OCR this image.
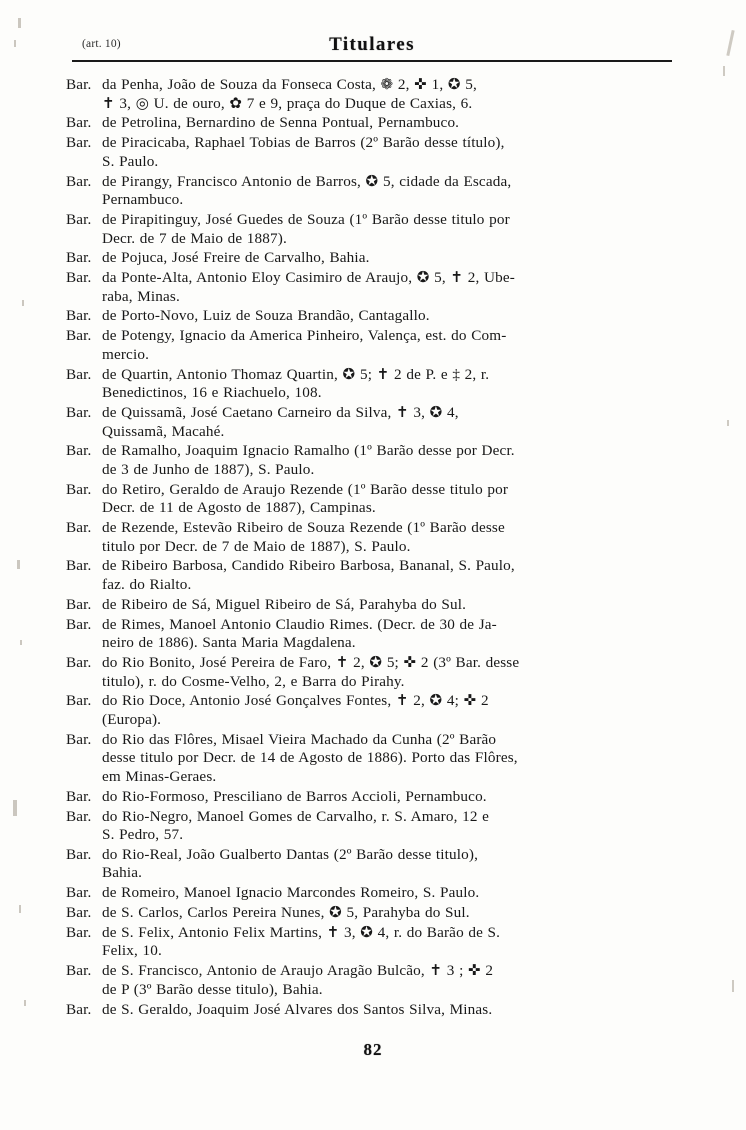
(art. 10)	Titulares

Bar. da Penha, João de Souza da Fonseca Costa, ❁ 2, ✜ 1, ✪ 5,
✝ 3, ◎ U. de ouro, ✿ 7 e 9, praça do Duque de Caxias, 6.

Bar. de Petrolina, Bernardino de Senna Pontual, Pernambuco.

Bar. de Piracicaba, Raphael Tobias de Barros (2º Barão desse título),
S. Paulo.

Bar. de Pirangy, Francisco Antonio de Barros, ✪ 5, cidade da Escada,
Pernambuco.

Bar. de Pirapitinguy, José Guedes de Souza (1º Barão desse titulo por
Decr. de 7 de Maio de 1887).

Bar. de Pojuca, José Freire de Carvalho, Bahia.

Bar. da Ponte-Alta, Antonio Eloy Casimiro de Araujo, ✪ 5, ✝ 2, Ube-
raba, Minas.

Bar. de Porto-Novo, Luiz de Souza Brandão, Cantagallo.

Bar. de Potengy, Ignacio da America Pinheiro, Valença, est. do Com-
mercio.

Bar. de Quartin, Antonio Thomaz Quartin, ✪ 5; ✝ 2 de P. e ‡ 2, r.
Benedictinos, 16 e Riachuelo, 108.

Bar. de Quissamã, José Caetano Carneiro da Silva, ✝ 3, ✪ 4,
Quissamã, Macahé.

Bar. de Ramalho, Joaquim Ignacio Ramalho (1º Barão desse por Decr.
de 3 de Junho de 1887), S. Paulo.

Bar. do Retiro, Geraldo de Araujo Rezende (1º Barão desse titulo por
Decr. de 11 de Agosto de 1887), Campinas.

Bar. de Rezende, Estevão Ribeiro de Souza Rezende (1º Barão desse
titulo por Decr. de 7 de Maio de 1887), S. Paulo.

Bar. de Ribeiro Barbosa, Candido Ribeiro Barbosa, Bananal, S. Paulo,
faz. do Rialto.

Bar. de Ribeiro de Sá, Miguel Ribeiro de Sá, Parahyba do Sul.

Bar. de Rimes, Manoel Antonio Claudio Rimes. (Decr. de 30 de Ja-
neiro de 1886). Santa Maria Magdalena.

Bar. do Rio Bonito, José Pereira de Faro, ✝ 2, ✪ 5; ✜ 2 (3º Bar. desse
titulo), r. do Cosme-Velho, 2, e Barra do Pirahy.

Bar. do Rio Doce, Antonio José Gonçalves Fontes, ✝ 2, ✪ 4; ✜ 2
(Europa).

Bar. do Rio das Flôres, Misael Vieira Machado da Cunha (2º Barão
desse titulo por Decr. de 14 de Agosto de 1886). Porto das Flôres,
em Minas-Geraes.

Bar. do Rio-Formoso, Presciliano de Barros Accioli, Pernambuco.

Bar. do Rio-Negro, Manoel Gomes de Carvalho, r. S. Amaro, 12 e
S. Pedro, 57.

Bar. do Rio-Real, João Gualberto Dantas (2º Barão desse titulo),
Bahia.

Bar. de Romeiro, Manoel Ignacio Marcondes Romeiro, S. Paulo.

Bar. de S. Carlos, Carlos Pereira Nunes, ✪ 5, Parahyba do Sul.

Bar. de S. Felix, Antonio Felix Martins, ✝ 3, ✪ 4, r. do Barão de S.
Felix, 10.

Bar. de S. Francisco, Antonio de Araujo Aragão Bulcão, ✝ 3 ; ✜ 2
de P (3º Barão desse titulo), Bahia.

Bar. de S. Geraldo, Joaquim José Alvares dos Santos Silva, Minas.

82
